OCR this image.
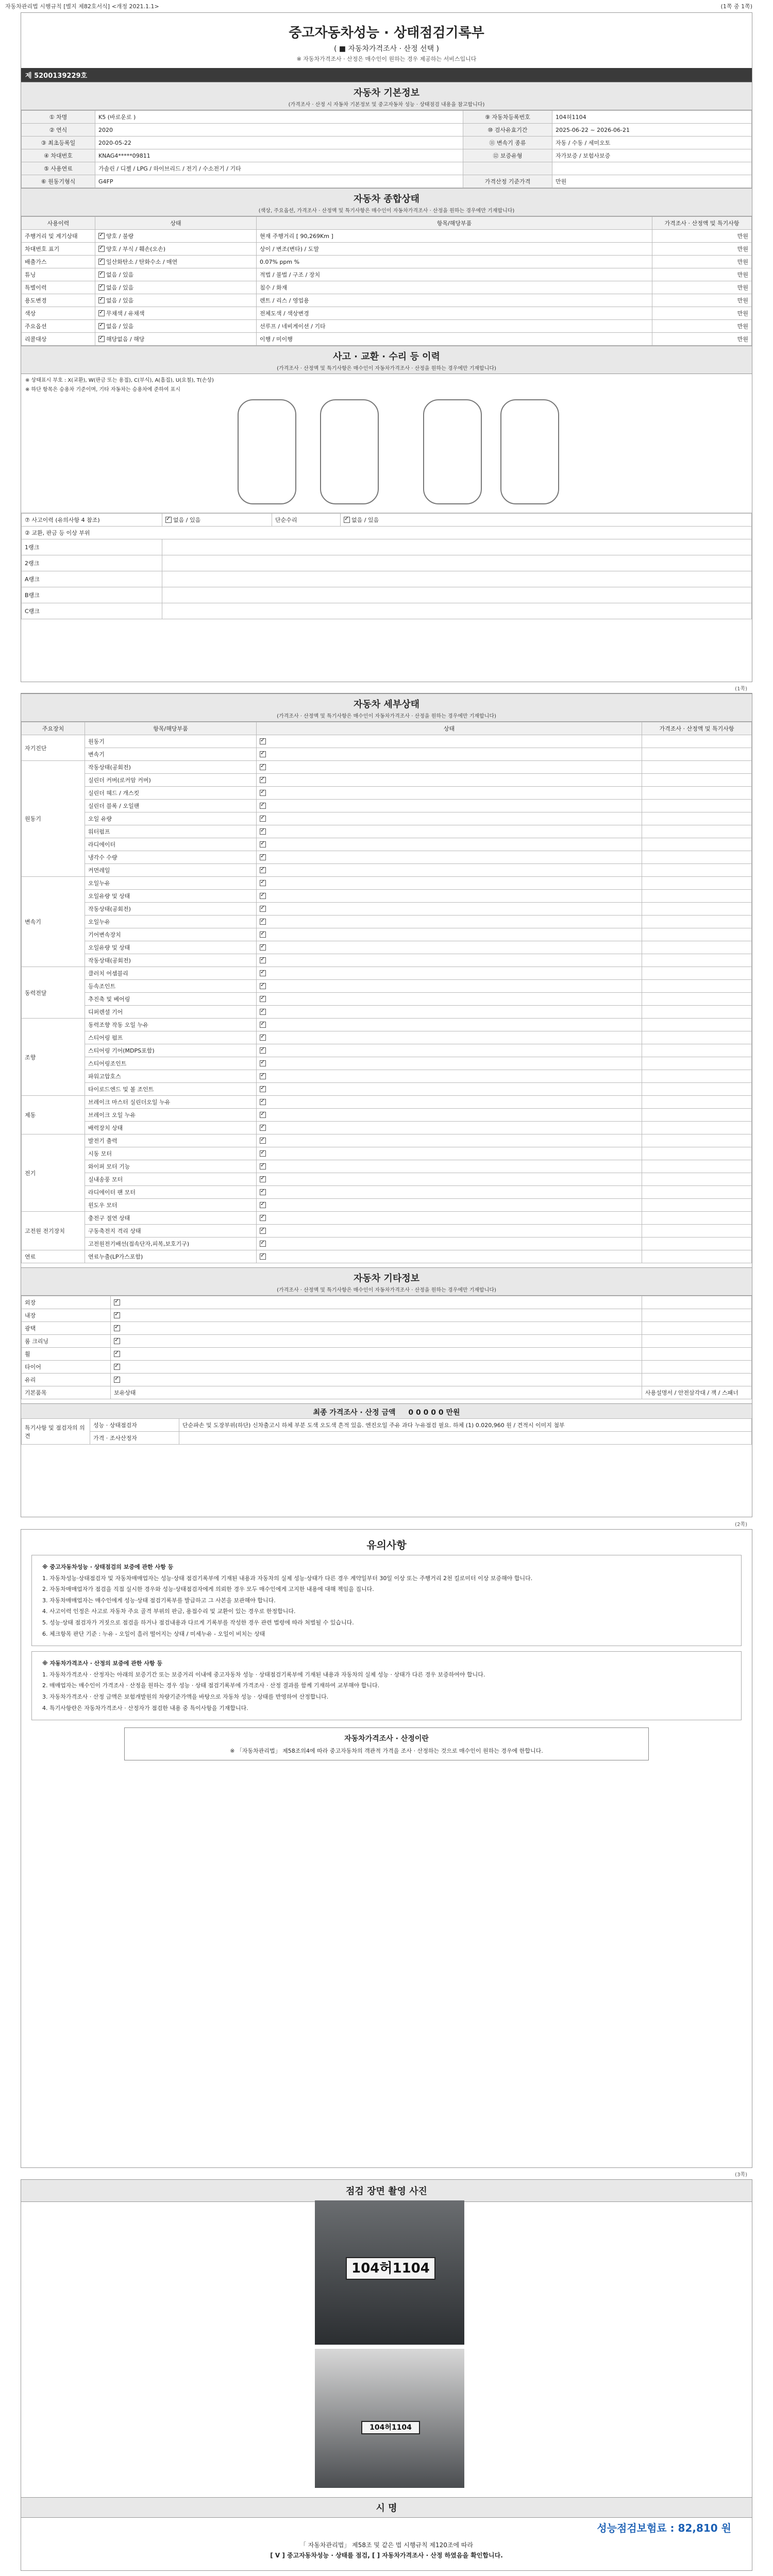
자동차관리법 시행규칙 [별지 제82호서식] <개정 2021.1.1>	(1쪽 중 1쪽)
중고자동차성능 · 상태점검기록부
( ■ 자동차가격조사 · 산정 선택 )
※ 자동차가격조사 · 산정은 매수인이 원하는 경우 제공하는 서비스입니다
제 5200139229호
자동차 기본정보
(가격조사 · 산정 시 자동차 기본정보 및 중고자동차 성능 · 상태점검 내용을 참고합니다)
① 차명	K5 (바로운로 )	⑨ 자동차등록번호	104허1104
② 연식	2020	⑩ 검사유효기간	2025-06-22 ~ 2026-06-21
③ 최초등록일	2020-05-22	⑪ 변속기 종류	자동 / 수동 / 세미오토
④ 차대번호	KNAG4*****09811	⑫ 보증유형	자가보증 / 보험사보증
⑤ 사용연료	가솔린 / 디젤 / LPG / 하이브리드 / 전기 / 수소전기 / 기타		
⑥ 원동기형식	G4FP	가격산정 기준가격	만원
자동차 종합상태
(색상, 주요옵션, 가격조사 · 산정액 및 특기사항은 매수인이 자동차가격조사 · 산정을 원하는 경우에만 기재합니다)
사용이력	상태	항목/해당부품	가격조사 · 산정액 및 특기사항
주행거리 및 계기상태	✓양호 / 불량	현재 주행거리 [ 90,269Km ]	만원
차대번호 표기	✓양호 / 부식 / 훼손(오손)	상이 / 변조(변타) / 도말	만원
배출가스	✓일산화탄소 / 탄화수소 / 매연	0.07% ppm %	만원
튜닝	✓없음 / 있음	적법 / 불법 / 구조 / 장치	만원
특별이력	✓없음 / 있음	침수 / 화재	만원
용도변경	✓없음 / 있음	렌트 / 리스 / 영업용	만원
색상	✓무채색 / 유채색	전체도색 / 색상변경	만원
주요옵션	✓없음 / 있음	선루프 / 네비게이션 / 기타	만원
리콜대상	✓해당없음 / 해당	이행 / 미이행	만원
사고 · 교환 · 수리 등 이력
(가격조사 · 산정액 및 특기사항은 매수인이 자동차가격조사 · 산정을 원하는 경우에만 기재합니다)
※ 상태표시 부호 : X(교환), W(판금 또는 용접), C(부식), A(흠집), U(요철), T(손상)
※ 하단 항목은 승용차 기준이며, 기타 자동차는 승용차에 준하여 표시
⑦ 사고이력 (유의사항 4 참조)	✓없음 / 있음	단순수리	✓없음 / 있음
② 교환, 판금 등 이상 부위			
1랭크			
2랭크			
A랭크			
B랭크			
C랭크			
(1쪽)
자동차 세부상태
(가격조사 · 산정액 및 특기사항은 매수인이 자동차가격조사 · 산정을 원하는 경우에만 기재합니다)
주요장치	항목/해당부품	상태	가격조사 · 산정액 및 특기사항
자기진단	원동기	✓	
	변속기	✓	
원동기	작동상태(공회전)	✓	
	실린더 커버(로커암 커버)	✓	
	실린더 헤드 / 개스킷	✓	
	실린더 블록 / 오일팬	✓	
	오일 유량	✓	
	워터펌프	✓	
	라디에이터	✓	
	냉각수 수량	✓	
	커먼레일	✓	
변속기	오일누유	✓	
	오일유량 및 상태	✓	
	작동상태(공회전)	✓	
	오일누유	✓	
	기어변속장치	✓	
	오일유량 및 상태	✓	
	작동상태(공회전)	✓	
동력전달	클러치 어셈블리	✓	
	등속조인트	✓	
	추진축 및 베어링	✓	
	디퍼렌셜 기어	✓	
조향	동력조향 작동 오일 누유	✓	
	스티어링 펌프	✓	
	스티어링 기어(MDPS포함)	✓	
	스티어링조인트	✓	
	파워고압호스	✓	
	타이로드엔드 및 볼 조인트	✓	
제동	브레이크 마스터 실린더오일 누유	✓	
	브레이크 오일 누유	✓	
	배력장치 상태	✓	
전기	발전기 출력	✓	
	시동 모터	✓	
	와이퍼 모터 기능	✓	
	실내송풍 모터	✓	
	라디에이터 팬 모터	✓	
	윈도우 모터	✓	
고전원 전기장치	충전구 절연 상태	✓	
	구동축전지 격리 상태	✓	
	고전원전기배선(접속단자,피복,보호기구)	✓	
연료	연료누출(LP가스포함)	✓	
자동차 기타정보
(가격조사 · 산정액 및 특기사항은 매수인이 자동차가격조사 · 산정을 원하는 경우에만 기재합니다)
외장	✓	
내장	✓	
광택	✓	
룸 크리닝	✓	
휠	✓	
타이어	✓	
유리	✓	
기본품목	보유상태	사용설명서 / 안전삼각대 / 잭 / 스패너
최종 가격조사 · 산정 금액 0 0 0 0 0 만원
특기사항 및 점검자의 의견	성능 · 상태점검자	단순파손 및 도장부위(하단) 신차출고시 하체 부분 도색 오도색 흔적 있음. 엔진오일 주유 과다 누유점검 필요. 하체 (1) 0.020,960 원 / 견적시 이미지 첨부
	가격 · 조사산정자	
(2쪽)
유의사항

※ 중고자동차성능 · 상태점검의 보증에 관한 사항 등

1. 자동차성능·상태점검자 및 자동차매매업자는 성능·상태 점검기록부에 기재된 내용과 자동차의 실제 성능·상태가 다른 경우 계약일부터 30일 이상 또는 주행거리 2천 킬로미터 이상 보증해야 합니다.

2. 자동차매매업자가 점검을 직접 실시한 경우와 성능·상태점검자에게 의뢰한 경우 모두 매수인에게 고지한 내용에 대해 책임을 집니다.

3. 자동차매매업자는 매수인에게 성능·상태 점검기록부를 발급하고 그 사본을 보관해야 합니다.

4. 사고이력 인정은 사고로 자동차 주요 골격 부위의 판금, 용접수리 및 교환이 있는 경우로 한정합니다.

5. 성능·상태 점검자가 거짓으로 점검을 하거나 점검내용과 다르게 기록부를 작성한 경우 관련 법령에 따라 처벌될 수 있습니다.

6. 체크항목 판단 기준 : 누유 - 오일이 흘러 떨어지는 상태 / 미세누유 - 오일이 비치는 상태

※ 자동차가격조사 · 산정의 보증에 관한 사항 등

1. 자동차가격조사 · 산정자는 아래의 보증기간 또는 보증거리 이내에 중고자동차 성능 · 상태점검기록부에 기재된 내용과 자동차의 실제 성능 · 상태가 다른 경우 보증하여야 합니다.

2. 매매업자는 매수인이 가격조사 · 산정을 원하는 경우 성능 · 상태 점검기록부에 가격조사 · 산정 결과를 함께 기재하여 교부해야 합니다.

3. 자동차가격조사 · 산정 금액은 보험개발원의 차량기준가액을 바탕으로 자동차 성능 · 상태를 반영하여 산정합니다.

4. 특기사항란은 자동차가격조사 · 산정자가 점검한 내용 중 특이사항을 기재합니다.

자동차가격조사 · 산정이란
※ 「자동차관리법」 제58조의4에 따라 중고자동차의 객관적 가격을 조사 · 산정하는 것으로 매수인이 원하는 경우에 한합니다.
(3쪽)
점검 장면 촬영 사진
104허1104
104허1104
시 명
성능점검보험료 : 82,810 원
「 자동차관리법」 제58조 및 같은 법 시행규칙 제120조에 따라
[ V ] 중고자동차성능 · 상태를 점검, [ ] 자동차가격조사 · 산정 하였음을 확인합니다.
